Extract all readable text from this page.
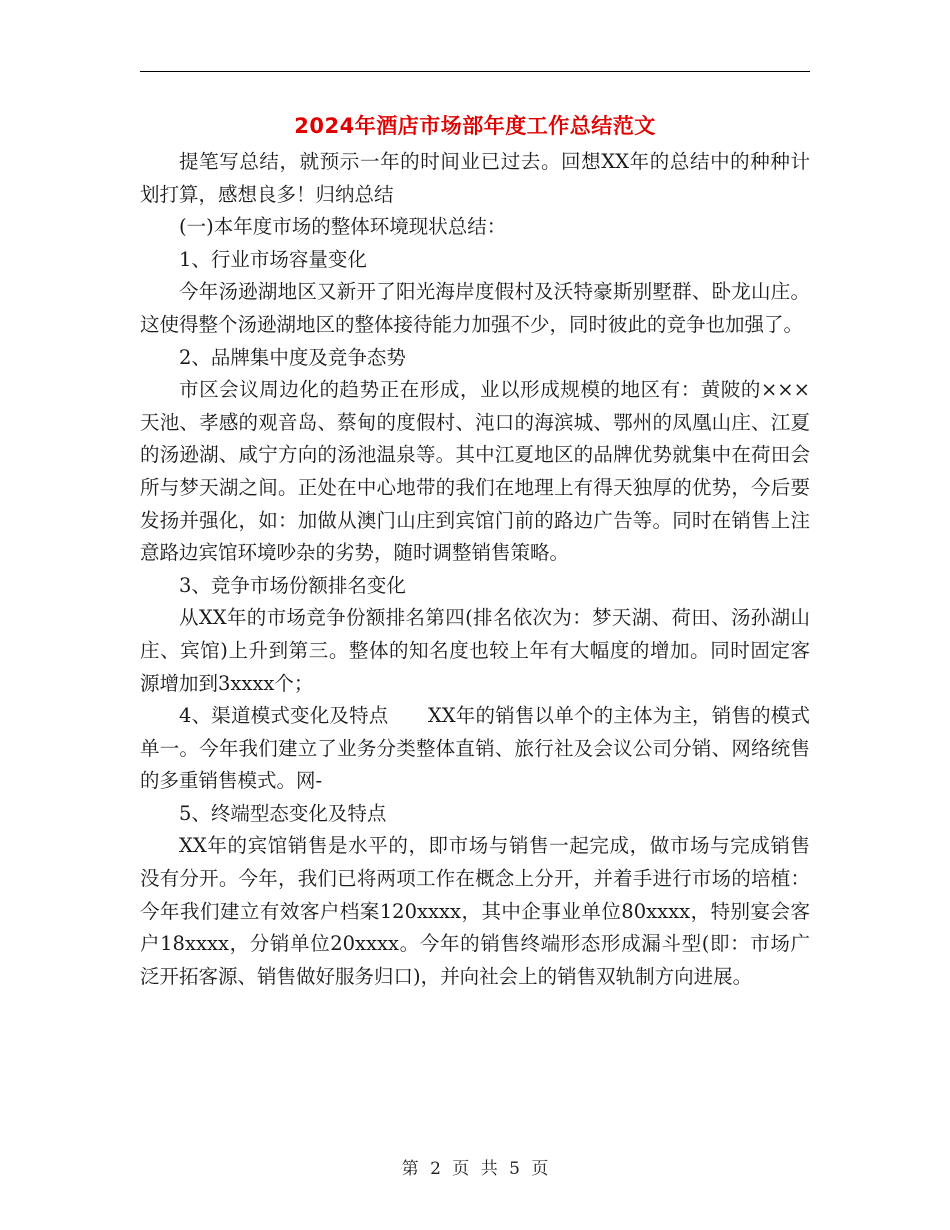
2024年酒店市场部年度工作总结范文

提笔写总结，就预示一年的时间业已过去。回想XX年的总结中的种种计划打算，感想良多！归纳总结

(一)本年度市场的整体环境现状总结：

1、行业市场容量变化

今年汤逊湖地区又新开了阳光海岸度假村及沃特豪斯别墅群、卧龙山庄。这使得整个汤逊湖地区的整体接待能力加强不少，同时彼此的竞争也加强了。

2、品牌集中度及竞争态势

市区会议周边化的趋势正在形成，业以形成规模的地区有：黄陂的×××天池、孝感的观音岛、蔡甸的度假村、沌口的海滨城、鄂州的凤凰山庄、江夏的汤逊湖、咸宁方向的汤池温泉等。其中江夏地区的品牌优势就集中在荷田会所与梦天湖之间。正处在中心地带的我们在地理上有得天独厚的优势，今后要发扬并强化，如：加做从澳门山庄到宾馆门前的路边广告等。同时在销售上注意路边宾馆环境吵杂的劣势，随时调整销售策略。

3、竞争市场份额排名变化

从XX年的市场竞争份额排名第四(排名依次为：梦天湖、荷田、汤孙湖山庄、宾馆)上升到第三。整体的知名度也较上年有大幅度的增加。同时固定客源增加到3xxxx个；

4、渠道模式变化及特点　　XX年的销售以单个的主体为主，销售的模式单一。今年我们建立了业务分类整体直销、旅行社及会议公司分销、网络统售的多重销售模式。网-

5、终端型态变化及特点

XX年的宾馆销售是水平的，即市场与销售一起完成，做市场与完成销售没有分开。今年，我们已将两项工作在概念上分开，并着手进行市场的培植：今年我们建立有效客户档案120xxxx，其中企事业单位80xxxx，特别宴会客户18xxxx，分销单位20xxxx。今年的销售终端形态形成漏斗型(即：市场广泛开拓客源、销售做好服务归口)，并向社会上的销售双轨制方向进展。

第 2 页 共 5 页
